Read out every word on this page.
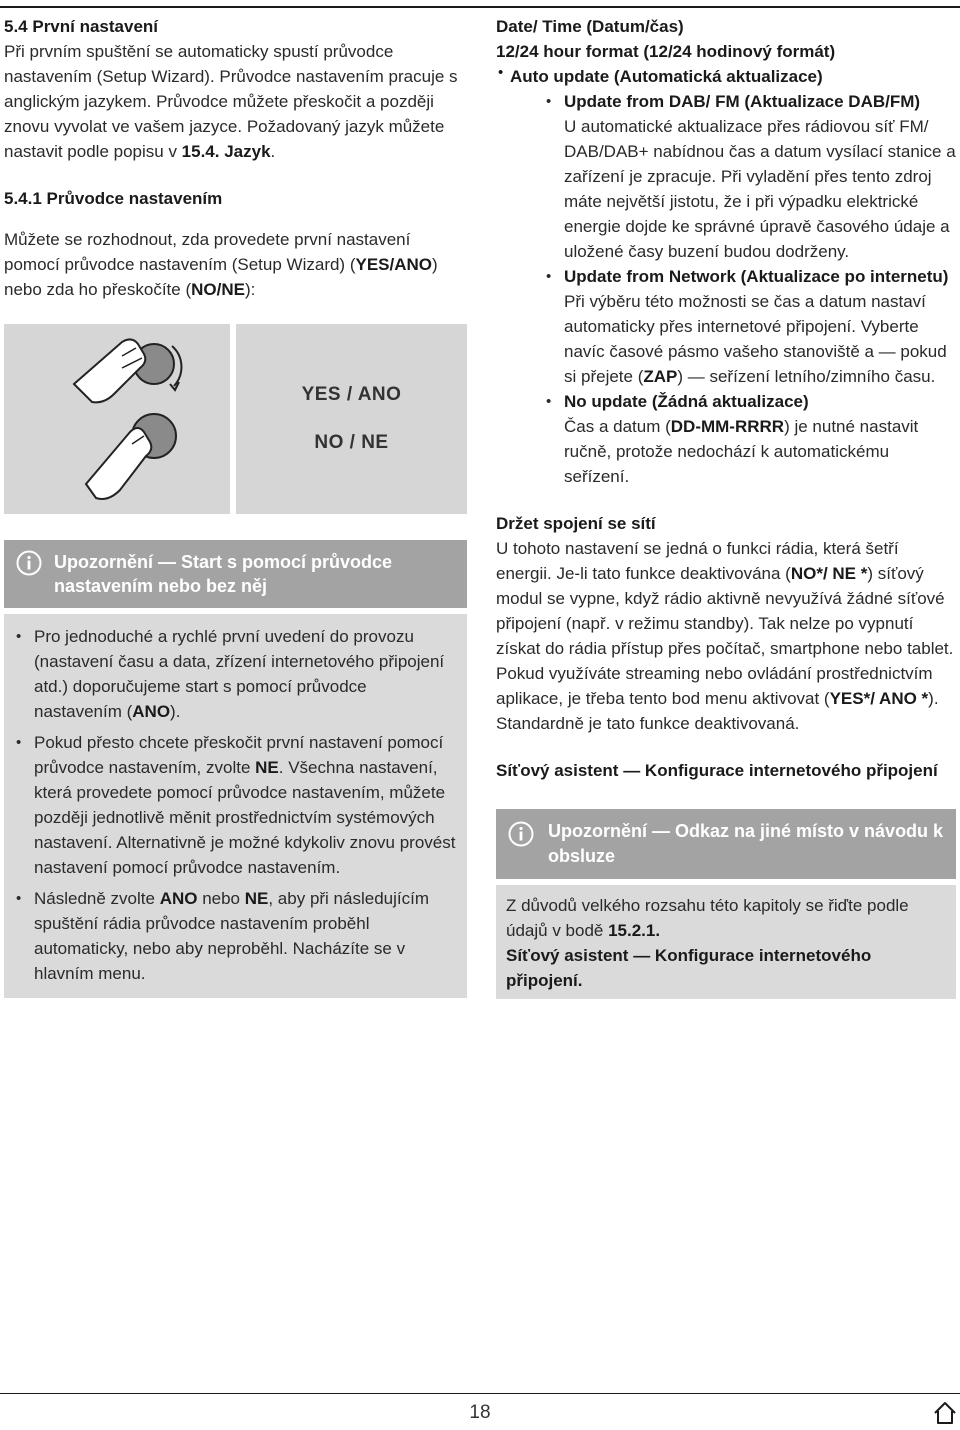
5.4 První nastavení

Při prvním spuštění se automaticky spustí průvodce nastavením (Setup Wizard). Průvodce nastavením pracuje s anglickým jazykem. Průvodce můžete přeskočit a později znovu vyvolat ve vašem jazyce. Požadovaný jazyk můžete nastavit podle popisu v 15.4. Jazyk.

5.4.1 Průvodce nastavením

Můžete se rozhodnout, zda provedete první nastavení pomocí průvodce nastavením (Setup Wizard) (YES/ANO) nebo zda ho přeskočíte (NO/NE):

YES / ANO
NO / NE
Upozornění — Start s pomocí průvodce nastavením nebo bez něj
• Pro jednoduché a rychlé první uvedení do provozu (nastavení času a data, zřízení internetového připojení atd.) doporučujeme start s pomocí průvodce nastavením (ANO).
• Pokud přesto chcete přeskočit první nastavení pomocí průvodce nastavením, zvolte NE. Všechna nastavení, která provedete pomocí průvodce nastavením, můžete později jednotlivě měnit prostřednictvím systémových nastavení. Alternativně je možné kdykoliv znovu provést nastavení pomocí průvodce nastavením.
• Následně zvolte ANO nebo NE, aby při následujícím spuštění rádia průvodce nastavením proběhl automaticky, nebo aby neproběhl. Nacházíte se v hlavním menu.

Date/ Time (Datum/čas)

12/24 hour format (12/24 hodinový formát)

• Auto update (Automatická aktualizace)

• Update from DAB/ FM (Aktualizace DAB/FM)
U automatické aktualizace přes rádiovou síť FM/ DAB/DAB+ nabídnou čas a datum vysílací stanice a zařízení je zpracuje. Při vyladění přes tento zdroj máte největší jistotu, že i při výpadku elektrické energie dojde ke správné úpravě časového údaje a uložené časy buzení budou dodrženy.
• Update from Network (Aktualizace po internetu)
Při výběru této možnosti se čas a datum nastaví automaticky přes internetové připojení. Vyberte navíc časové pásmo vašeho stanoviště a — pokud si přejete (ZAP) — seřízení letního/zimního času.
• No update (Žádná aktualizace)
Čas a datum (DD-MM-RRRR) je nutné nastavit ručně, protože nedochází k automatickému seřízení.

Držet spojení se sítí

U tohoto nastavení se jedná o funkci rádia, která šetří energii. Je-li tato funkce deaktivována (NO*/ NE *) síťový modul se vypne, když rádio aktivně nevyužívá žádné síťové připojení (např. v režimu standby). Tak nelze po vypnutí získat do rádia přístup přes počítač, smartphone nebo tablet.

Pokud využíváte streaming nebo ovládání prostřednictvím aplikace, je třeba tento bod menu aktivovat (YES*/ ANO *). Standardně je tato funkce deaktivovaná.

Síťový asistent — Konfigurace internetového připojení

Upozornění — Odkaz na jiné místo v návodu k obsluze

Z důvodů velkého rozsahu této kapitoly se řiďte podle údajů v bodě 15.2.1.
Síťový asistent — Konfigurace internetového připojení.

18
